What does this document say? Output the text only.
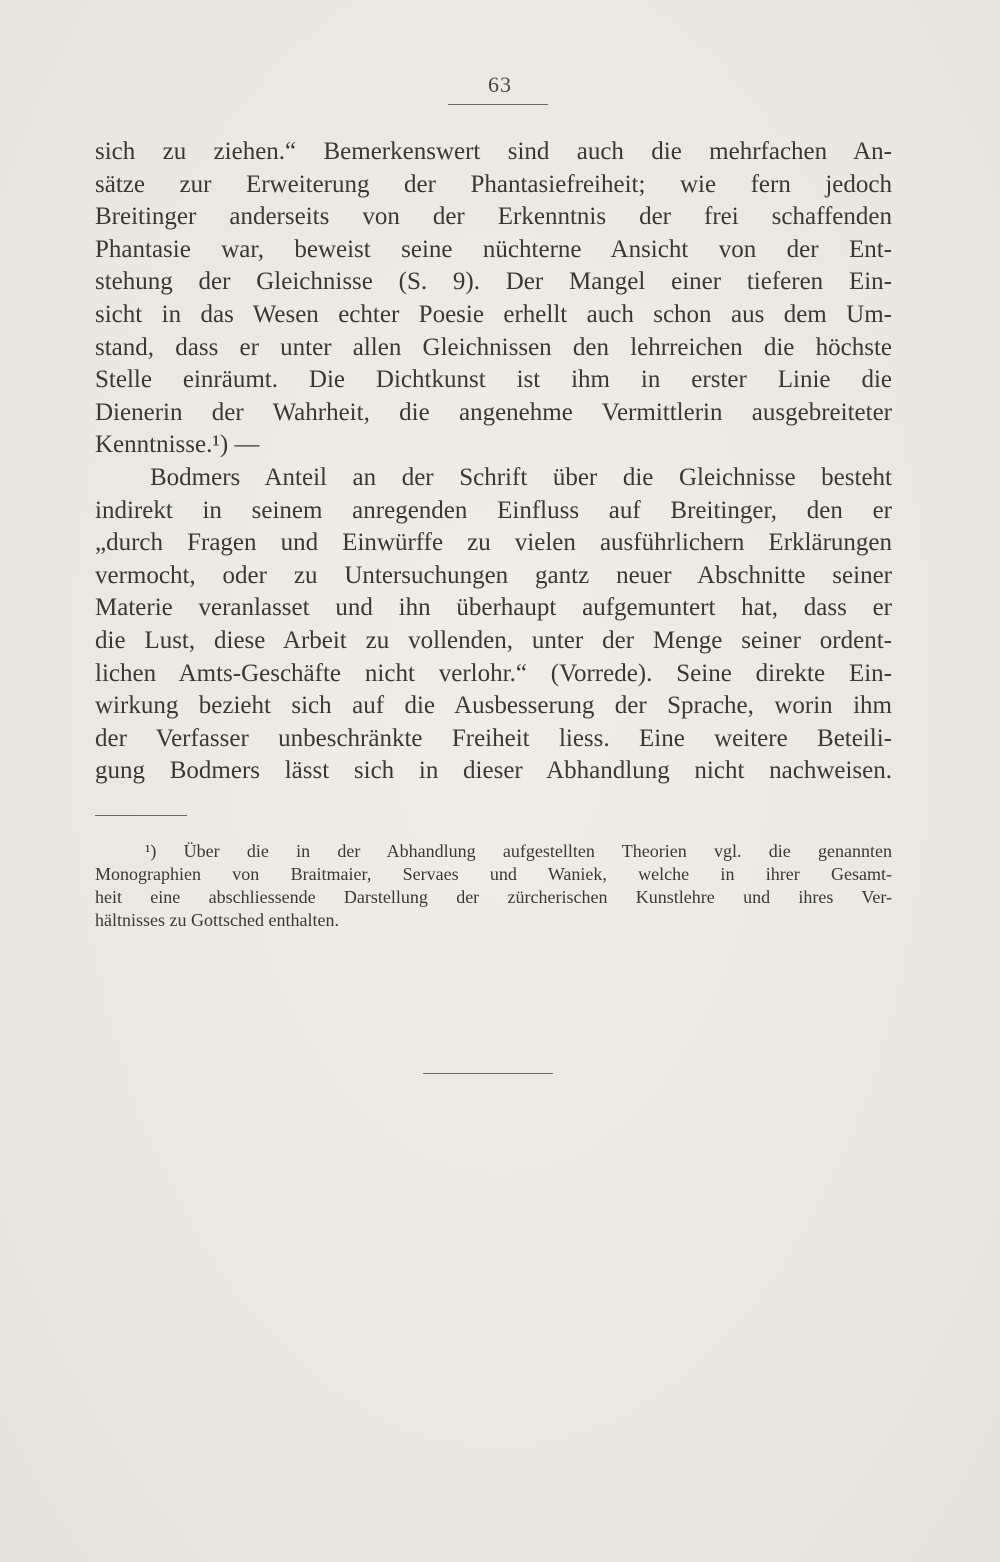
63
sich zu ziehen.“ Bemerkenswert sind auch die mehrfachen An-
sätze zur Erweiterung der Phantasiefreiheit; wie fern jedoch
Breitinger anderseits von der Erkenntnis der frei schaffenden
Phantasie war, beweist seine nüchterne Ansicht von der Ent-
stehung der Gleichnisse (S. 9). Der Mangel einer tieferen Ein-
sicht in das Wesen echter Poesie erhellt auch schon aus dem Um-
stand, dass er unter allen Gleichnissen den lehrreichen die höchste
Stelle einräumt. Die Dichtkunst ist ihm in erster Linie die
Dienerin der Wahrheit, die angenehme Vermittlerin ausgebreiteter
Kenntnisse.¹) —
Bodmers Anteil an der Schrift über die Gleichnisse besteht
indirekt in seinem anregenden Einfluss auf Breitinger, den er
„durch Fragen und Einwürffe zu vielen ausführlichern Erklärungen
vermocht, oder zu Untersuchungen gantz neuer Abschnitte seiner
Materie veranlasset und ihn überhaupt aufgemuntert hat, dass er
die Lust, diese Arbeit zu vollenden, unter der Menge seiner ordent-
lichen Amts-Geschäfte nicht verlohr.“ (Vorrede). Seine direkte Ein-
wirkung bezieht sich auf die Ausbesserung der Sprache, worin ihm
der Verfasser unbeschränkte Freiheit liess. Eine weitere Beteili-
gung Bodmers lässt sich in dieser Abhandlung nicht nachweisen.
¹) Über die in der Abhandlung aufgestellten Theorien vgl. die genannten
Monographien von Braitmaier, Servaes und Waniek, welche in ihrer Gesamt-
heit eine abschliessende Darstellung der zürcherischen Kunstlehre und ihres Ver-
hältnisses zu Gottsched enthalten.
